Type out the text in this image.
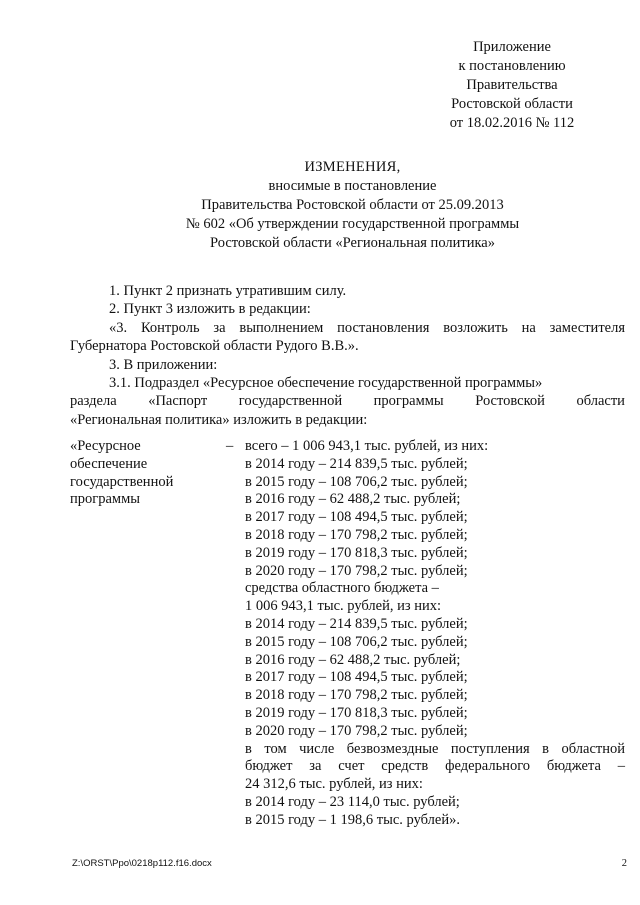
Приложение
к постановлению
Правительства
Ростовской области
от 18.02.2016 № 112
ИЗМЕНЕНИЯ,
вносимые в постановление
Правительства Ростовской области от 25.09.2013
№ 602 «Об утверждении государственной программы
Ростовской области «Региональная политика»

1. Пункт 2 признать утратившим силу.

2. Пункт 3 изложить в редакции:

«3. Контроль за выполнением постановления возложить на заместителя Губернатора Ростовской области Рудого В.В.».

3. В приложении:

3.1. Подраздел «Ресурсное обеспечение государственной программы»

раздела «Паспорт государственной программы Ростовской области
«Региональная политика» изложить в редакции:
«Ресурсное
обеспечение
государственной
программы
– всего – 1 006 943,1 тыс. рублей, из них:
в 2014 году – 214 839,5 тыс. рублей;
в 2015 году – 108 706,2 тыс. рублей;
в 2016 году – 62 488,2 тыс. рублей;
в 2017 году – 108 494,5 тыс. рублей;
в 2018 году – 170 798,2 тыс. рублей;
в 2019 году – 170 818,3 тыс. рублей;
в 2020 году – 170 798,2 тыс. рублей;
средства областного бюджета –
1 006 943,1 тыс. рублей, из них:
в 2014 году – 214 839,5 тыс. рублей;
в 2015 году – 108 706,2 тыс. рублей;
в 2016 году – 62 488,2 тыс. рублей;
в 2017 году – 108 494,5 тыс. рублей;
в 2018 году – 170 798,2 тыс. рублей;
в 2019 году – 170 818,3 тыс. рублей;
в 2020 году – 170 798,2 тыс. рублей;
в том числе безвозмездные поступления в областной
бюджет за счет средств федерального бюджета –
24 312,6 тыс. рублей, из них:
в 2014 году – 23 114,0 тыс. рублей;
в 2015 году – 1 198,6 тыс. рублей».
Z:\ORST\Ppo\0218p112.f16.docx	2
